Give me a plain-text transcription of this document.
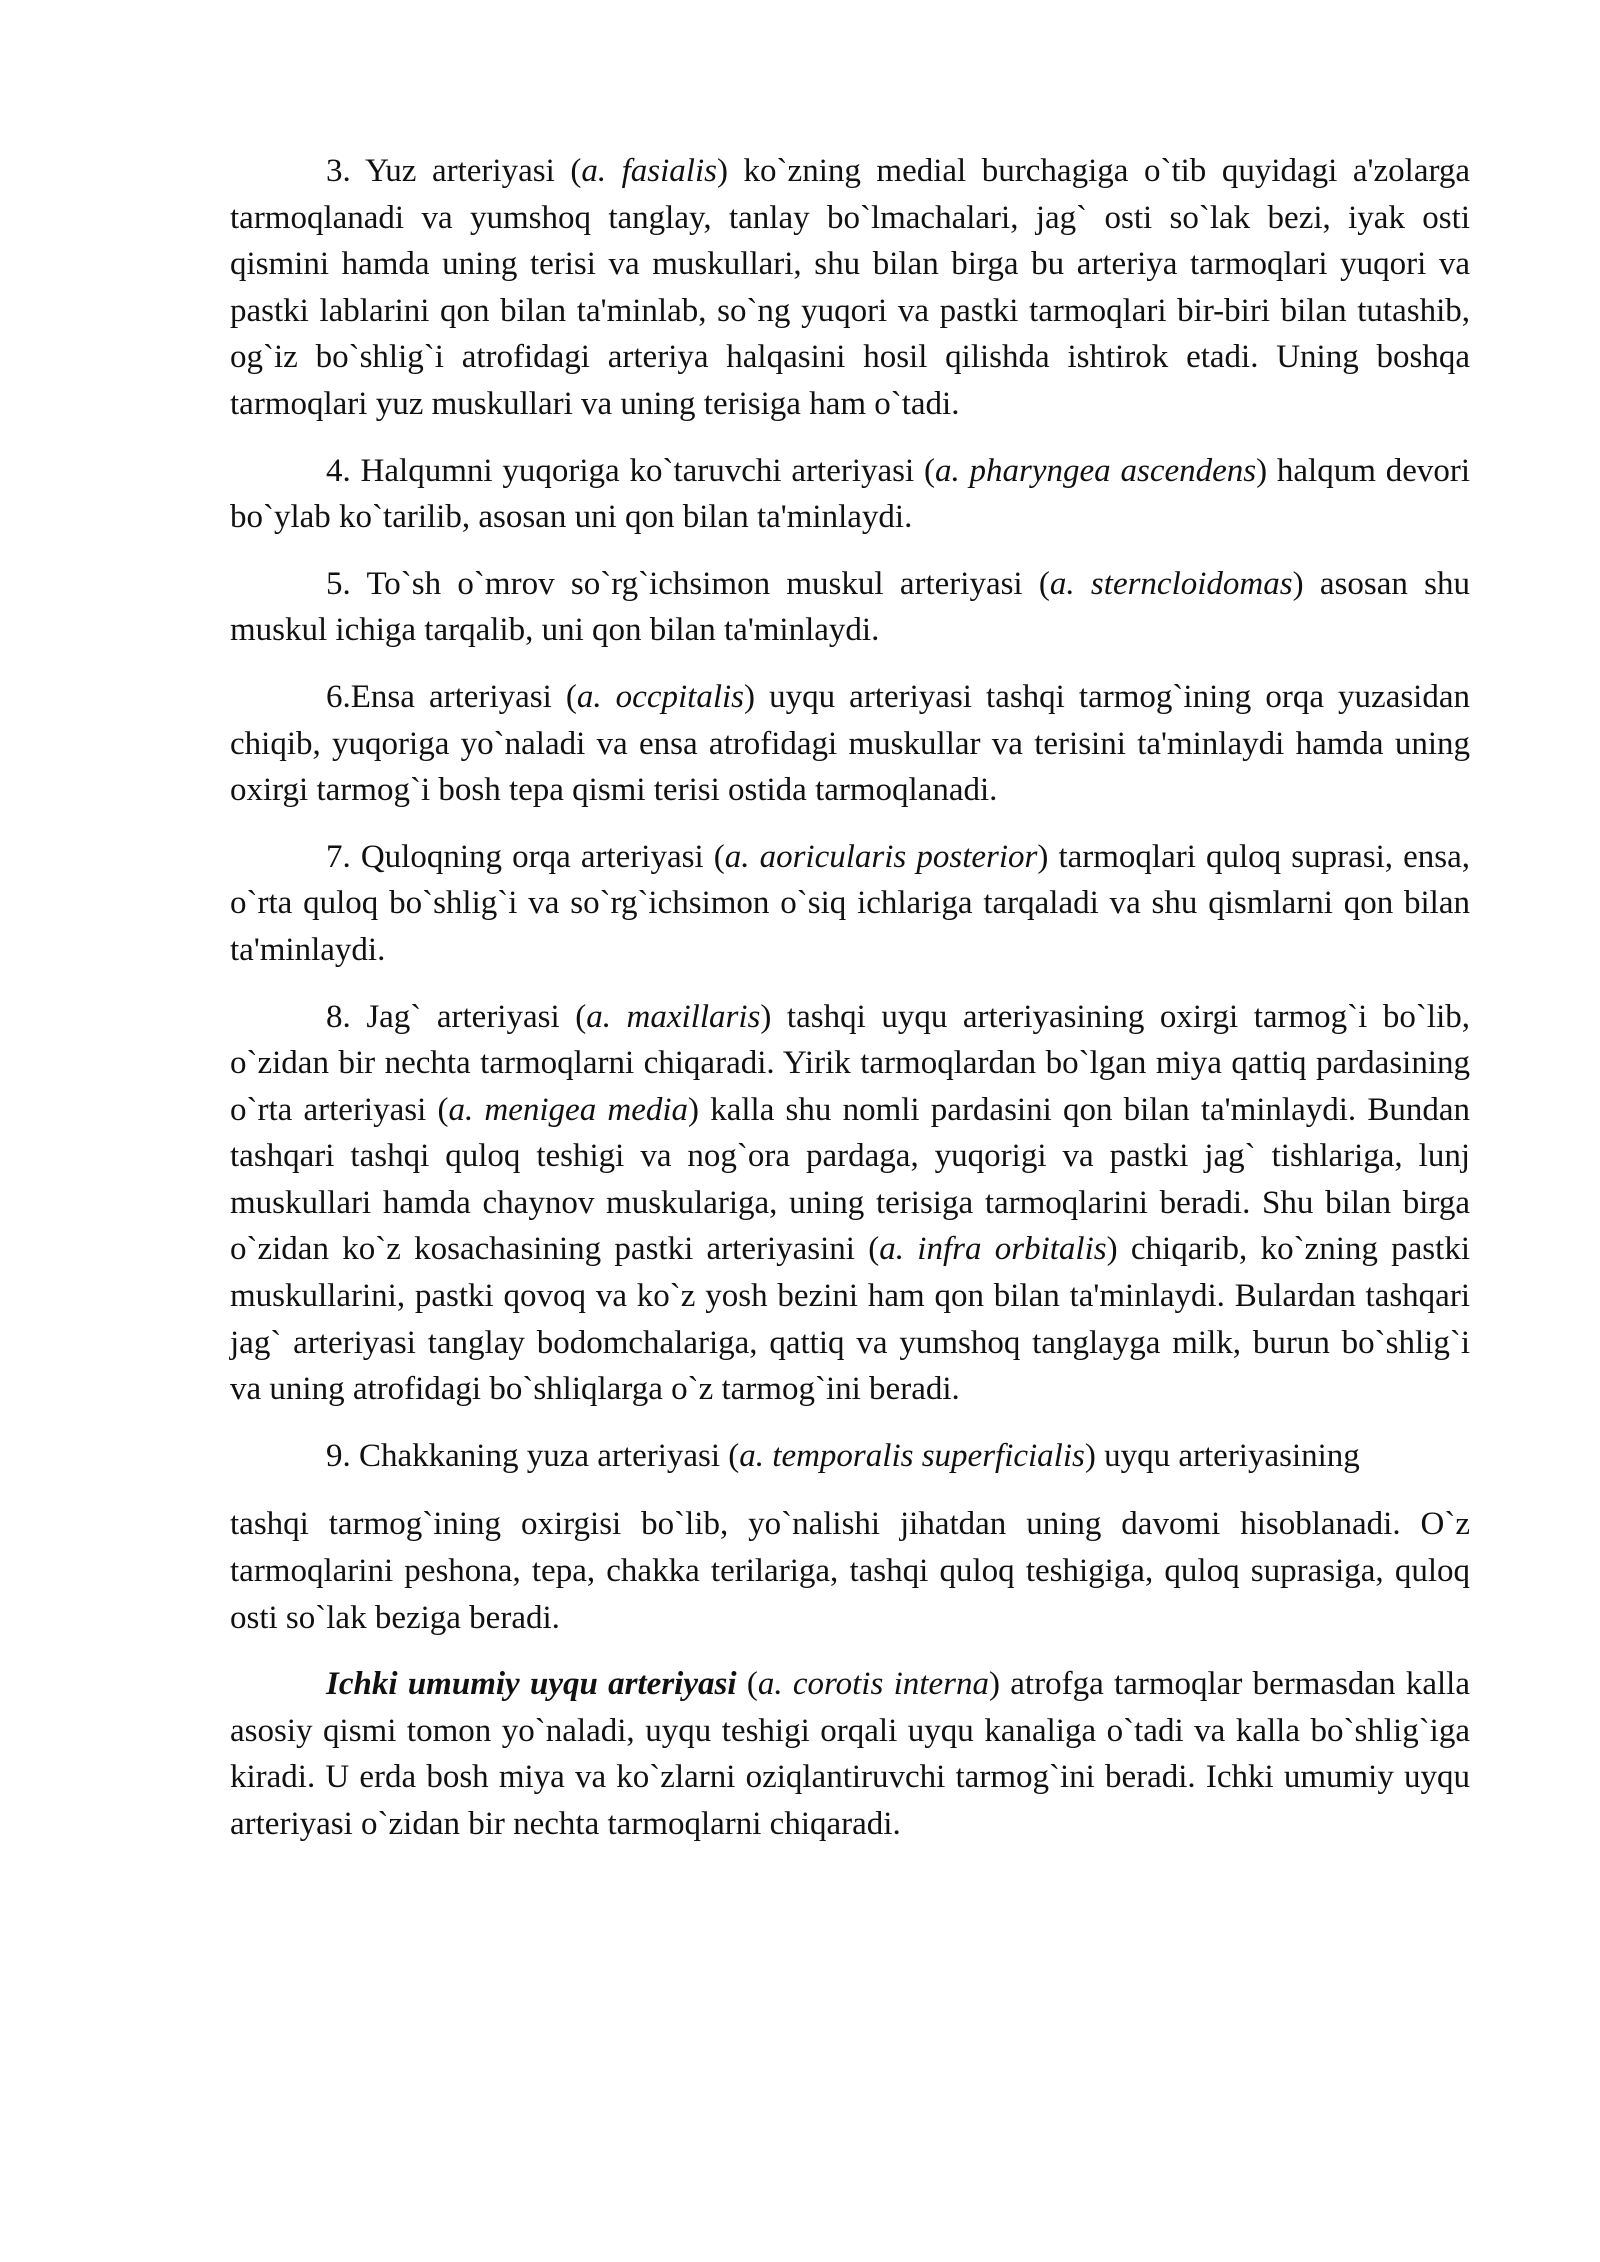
3. Yuz arteriyasi (a. fasialis) ko`zning medial burchagiga o`tib quyidagi a'zolarga tarmoqlanadi va yumshoq tanglay, tanlay bo`lmachalari, jag` osti so`lak bezi, iyak osti qismini hamda uning terisi va muskullari, shu bilan birga bu arteriya tarmoqlari yuqori va pastki lablarini qon bilan ta'minlab, so`ng yuqori va pastki tarmoqlari bir-biri bilan tutashib, og`iz bo`shlig`i atrofidagi arteriya halqasini hosil qilishda ishtirok etadi. Uning boshqa tarmoqlari yuz muskullari va uning terisiga ham o`tadi.

4. Halqumni yuqoriga ko`taruvchi arteriyasi (a. pharyngea ascendens) halqum devori bo`ylab ko`tarilib, asosan uni qon bilan ta'minlaydi.

5. To`sh o`mrov so`rg`ichsimon muskul arteriyasi (a. sterncloidomas) asosan shu muskul ichiga tarqalib, uni qon bilan ta'minlaydi.

6.Ensa arteriyasi (a. occpitalis) uyqu arteriyasi tashqi tarmog`ining orqa yuzasidan chiqib, yuqoriga yo`naladi va ensa atrofidagi muskullar va terisini ta'minlaydi hamda uning oxirgi tarmog`i bosh tepa qismi terisi ostida tarmoqlanadi.

7. Quloqning orqa arteriyasi (a. aoricularis posterior) tarmoqlari quloq suprasi, ensa, o`rta quloq bo`shlig`i va so`rg`ichsimon o`siq ichlariga tarqaladi va shu qismlarni qon bilan ta'minlaydi.

8. Jag` arteriyasi (a. maxillaris) tashqi uyqu arteriyasining oxirgi tarmog`i bo`lib, o`zidan bir nechta tarmoqlarni chiqaradi. Yirik tarmoqlardan bo`lgan miya qattiq pardasining o`rta arteriyasi (a. menigea media) kalla shu nomli pardasini qon bilan ta'minlaydi. Bundan tashqari tashqi quloq teshigi va nog`ora pardaga, yuqorigi va pastki jag` tishlariga, lunj muskullari hamda chaynov muskulariga, uning terisiga tarmoqlarini beradi. Shu bilan birga o`zidan ko`z kosachasining pastki arteriyasini (a. infra orbitalis) chiqarib, ko`zning pastki muskullarini, pastki qovoq va ko`z yosh bezini ham qon bilan ta'minlaydi. Bulardan tashqari jag` arteriyasi tanglay bodomchalariga, qattiq va yumshoq tanglayga milk, burun bo`shlig`i va uning atrofidagi bo`shliqlarga o`z tarmog`ini beradi.

9. Chakkaning yuza arteriyasi (a. temporalis superficialis) uyqu arteriyasining

tashqi tarmog`ining oxirgisi bo`lib, yo`nalishi jihatdan uning davomi hisoblanadi. O`z tarmoqlarini peshona, tepa, chakka terilariga, tashqi quloq teshigiga, quloq suprasiga, quloq osti so`lak beziga beradi.

Ichki umumiy uyqu arteriyasi (a. corotis interna) atrofga tarmoqlar bermasdan kalla asosiy qismi tomon yo`naladi, uyqu teshigi orqali uyqu kanaliga o`tadi va kalla bo`shlig`iga kiradi. U erda bosh miya va ko`zlarni oziqlantiruvchi tarmog`ini beradi. Ichki umumiy uyqu arteriyasi o`zidan bir nechta tarmoqlarni chiqaradi.
